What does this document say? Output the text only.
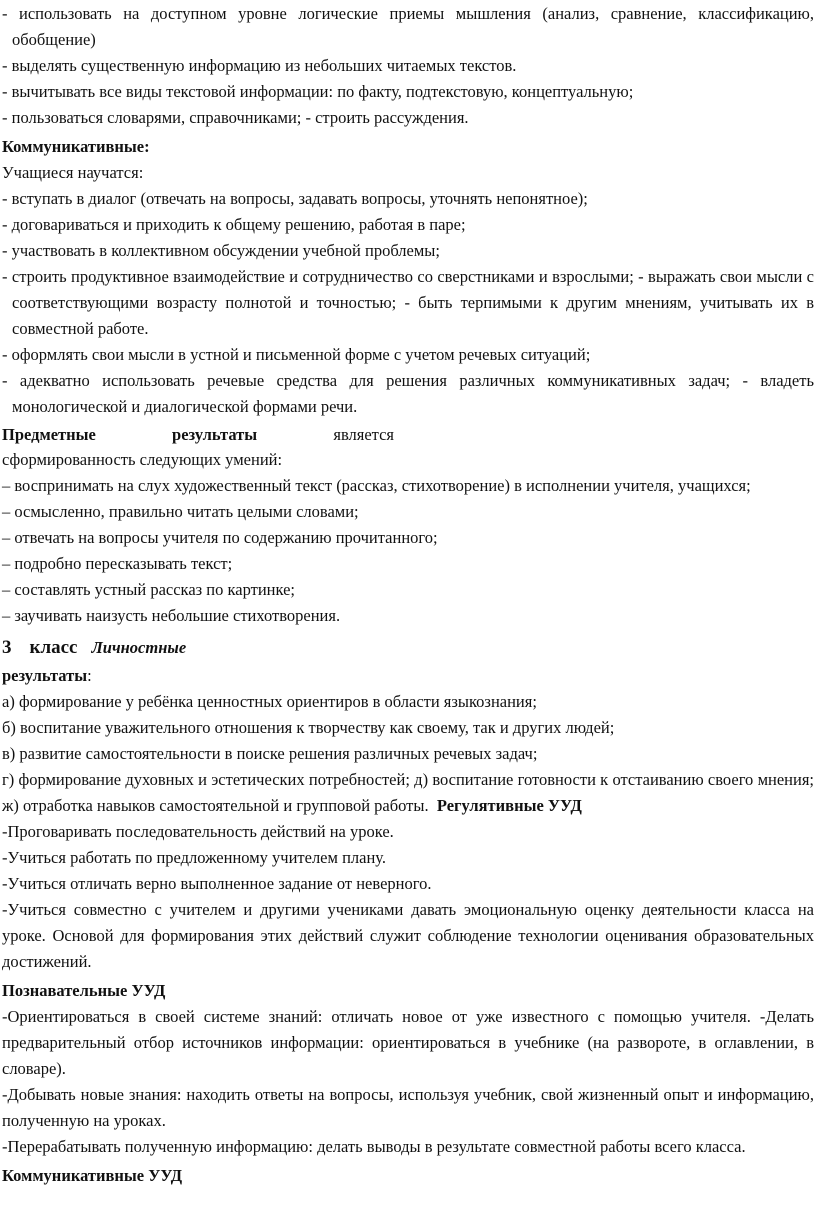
- использовать на доступном уровне логические приемы мышления (анализ, сравнение, классификацию, обобщение)

- выделять существенную информацию из небольших читаемых текстов.

- вычитывать все виды текстовой информации: по факту, подтекстовую, концептуальную;

- пользоваться словарями, справочниками; - строить рассуждения.

Коммуникативные:

Учащиеся научатся:

- вступать в диалог (отвечать на вопросы, задавать вопросы, уточнять непонятное);

- договариваться и приходить к общему решению, работая в паре;

- участвовать в коллективном обсуждении учебной проблемы;

- строить продуктивное взаимодействие и сотрудничество со сверстниками и взрослыми; - выражать свои мысли с соответствующими возрасту полнотой и точностью; - быть терпимыми к другим мнениям, учитывать их в совместной работе.

- оформлять свои мысли в устной и письменной форме с учетом речевых ситуаций;

- адекватно использовать речевые средства для решения различных коммуникативных задач; - владеть монологической и диалогической формами речи.

Предметные	результаты	является

сформированность следующих умений:

– воспринимать на слух художественный текст (рассказ, стихотворение) в исполнении учителя, учащихся;

– осмысленно, правильно читать целыми словами;

– отвечать на вопросы учителя по содержанию прочитанного;

– подробно пересказывать текст;

– составлять устный рассказ по картинке;

– заучивать наизусть небольшие стихотворения.

3 класс Личностные

результаты:

а) формирование у ребёнка ценностных ориентиров в области языкознания;

б) воспитание уважительного отношения к творчеству как своему, так и других людей;

в) развитие самостоятельности в поиске решения различных речевых задач;

г) формирование духовных и эстетических потребностей; д) воспитание готовности к отстаиванию своего мнения; ж) отработка навыков самостоятельной и групповой работы. Регулятивные УУД

-Проговаривать последовательность действий на уроке.

-Учиться работать по предложенному учителем плану.

-Учиться отличать верно выполненное задание от неверного.

-Учиться совместно с учителем и другими учениками давать эмоциональную оценку деятельности класса на уроке. Основой для формирования этих действий служит соблюдение технологии оценивания образовательных достижений.

Познавательные УУД

-Ориентироваться в своей системе знаний: отличать новое от уже известного с помощью учителя. -Делать предварительный отбор источников информации: ориентироваться в учебнике (на развороте, в оглавлении, в словаре).

-Добывать новые знания: находить ответы на вопросы, используя учебник, свой жизненный опыт и информацию, полученную на уроках.

-Перерабатывать полученную информацию: делать выводы в результате совместной работы всего класса.

Коммуникативные УУД
